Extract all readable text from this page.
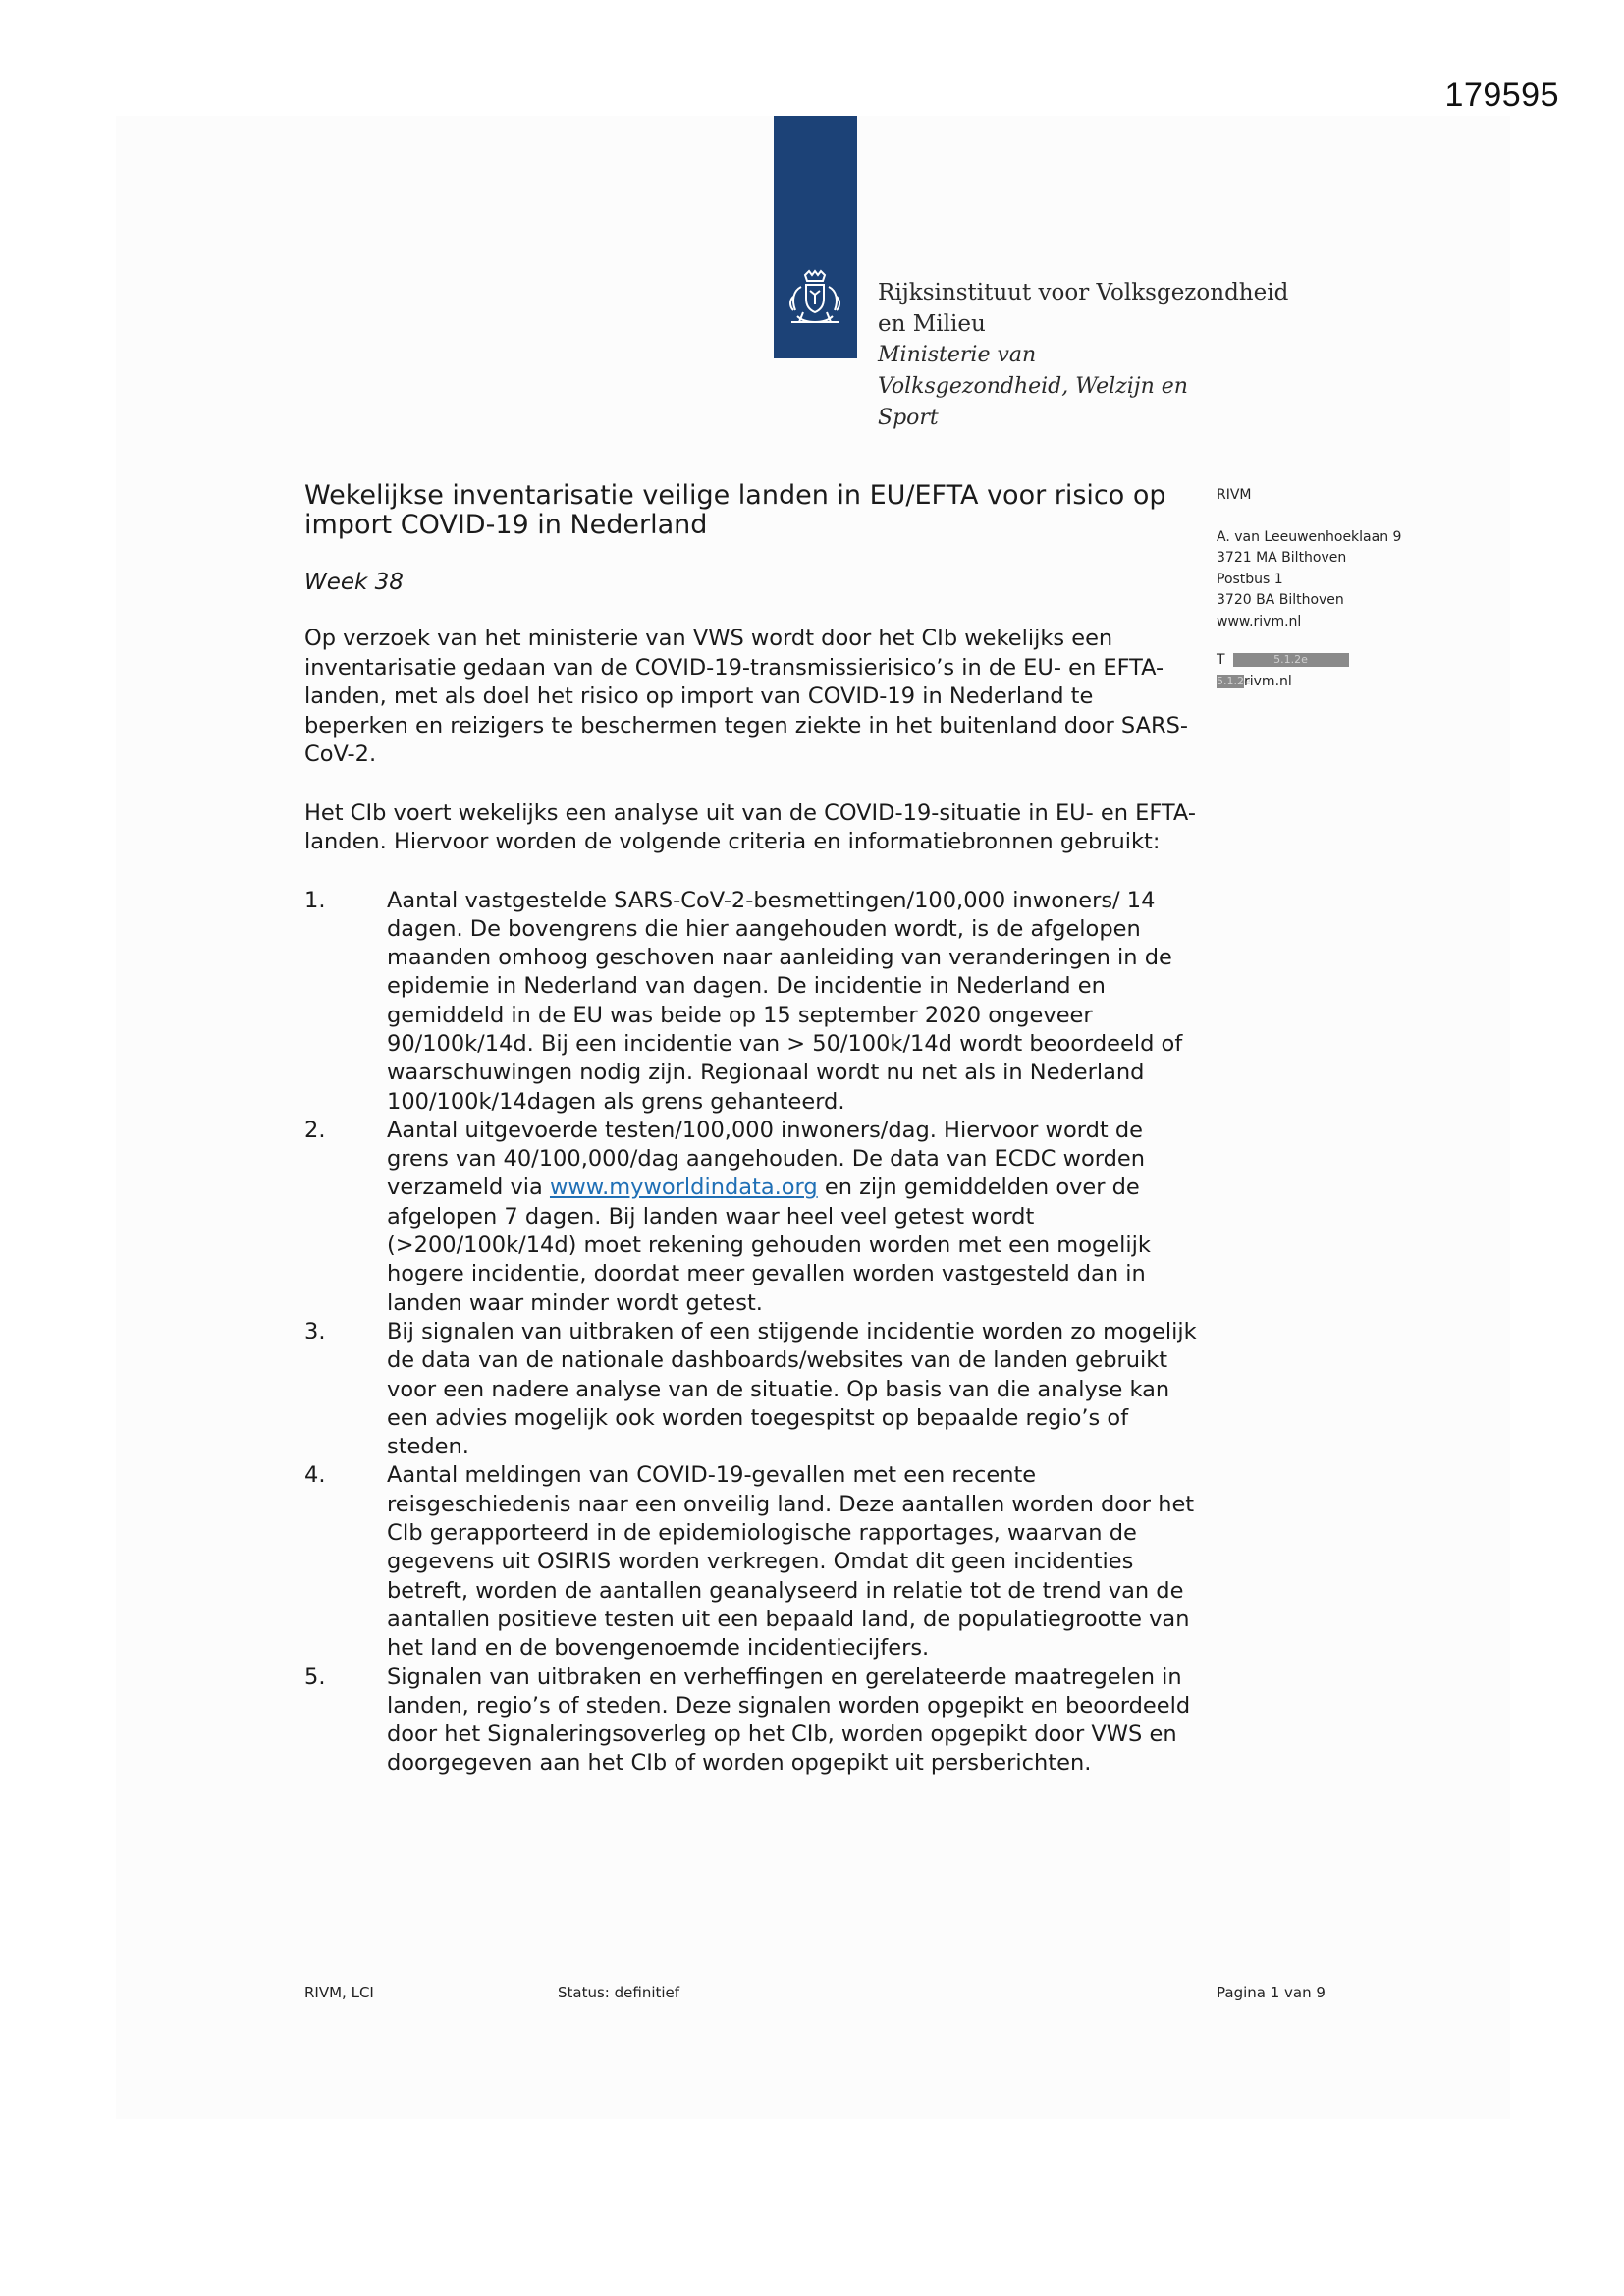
179595
Rijksinstituut voor Volksgezondheid en Milieu
Ministerie van Volksgezondheid, Welzijn en Sport
Wekelijkse inventarisatie veilige landen in EU/EFTA voor risico op import COVID-19 in Nederland
Week 38
Op verzoek van het ministerie van VWS wordt door het CIb wekelijks een inventarisatie gedaan van de COVID-19-transmissierisico’s in de EU- en EFTA-landen, met als doel het risico op import van COVID-19 in Nederland te beperken en reizigers te beschermen tegen ziekte in het buitenland door SARS-CoV-2.
Het CIb voert wekelijks een analyse uit van de COVID-19-situatie in EU- en EFTA-landen. Hiervoor worden de volgende criteria en informatiebronnen gebruikt:
1.	Aantal vastgestelde SARS-CoV-2-besmettingen/100,000 inwoners/ 14 dagen. De bovengrens die hier aangehouden wordt, is de afgelopen maanden omhoog geschoven naar aanleiding van veranderingen in de epidemie in Nederland van dagen. De incidentie in Nederland en gemiddeld in de EU was beide op 15 september 2020 ongeveer 90/100k/14d. Bij een incidentie van > 50/100k/14d wordt beoordeeld of waarschuwingen nodig zijn. Regionaal wordt nu net als in Nederland 100/100k/14dagen als grens gehanteerd.
2.	Aantal uitgevoerde testen/100,000 inwoners/dag. Hiervoor wordt de grens van 40/100,000/dag aangehouden. De data van ECDC worden verzameld via www.myworldindata.org en zijn gemiddelden over de afgelopen 7 dagen. Bij landen waar heel veel getest wordt (>200/100k/14d) moet rekening gehouden worden met een mogelijk hogere incidentie, doordat meer gevallen worden vastgesteld dan in landen waar minder wordt getest.
3.	Bij signalen van uitbraken of een stijgende incidentie worden zo mogelijk de data van de nationale dashboards/websites van de landen gebruikt voor een nadere analyse van de situatie. Op basis van die analyse kan een advies mogelijk ook worden toegespitst op bepaalde regio’s of steden.
4.	Aantal meldingen van COVID-19-gevallen met een recente reisgeschiedenis naar een onveilig land. Deze aantallen worden door het CIb gerapporteerd in de epidemiologische rapportages, waarvan de gegevens uit OSIRIS worden verkregen. Omdat dit geen incidenties betreft, worden de aantallen geanalyseerd in relatie tot de trend van de aantallen positieve testen uit een bepaald land, de populatiegrootte van het land en de bovengenoemde incidentiecijfers.
5.	Signalen van uitbraken en verheffingen en gerelateerde maatregelen in landen, regio’s of steden. Deze signalen worden opgepikt en beoordeeld door het Signaleringsoverleg op het CIb, worden opgepikt door VWS en doorgegeven aan het CIb of worden opgepikt uit persberichten.
RIVM
A. van Leeuwenhoeklaan 9
3721 MA Bilthoven
Postbus 1
3720 BA Bilthoven
www.rivm.nl
T	5.1.2e
5.1.2erivm.nl
RIVM, LCI	Status: definitief	Pagina 1 van 9
